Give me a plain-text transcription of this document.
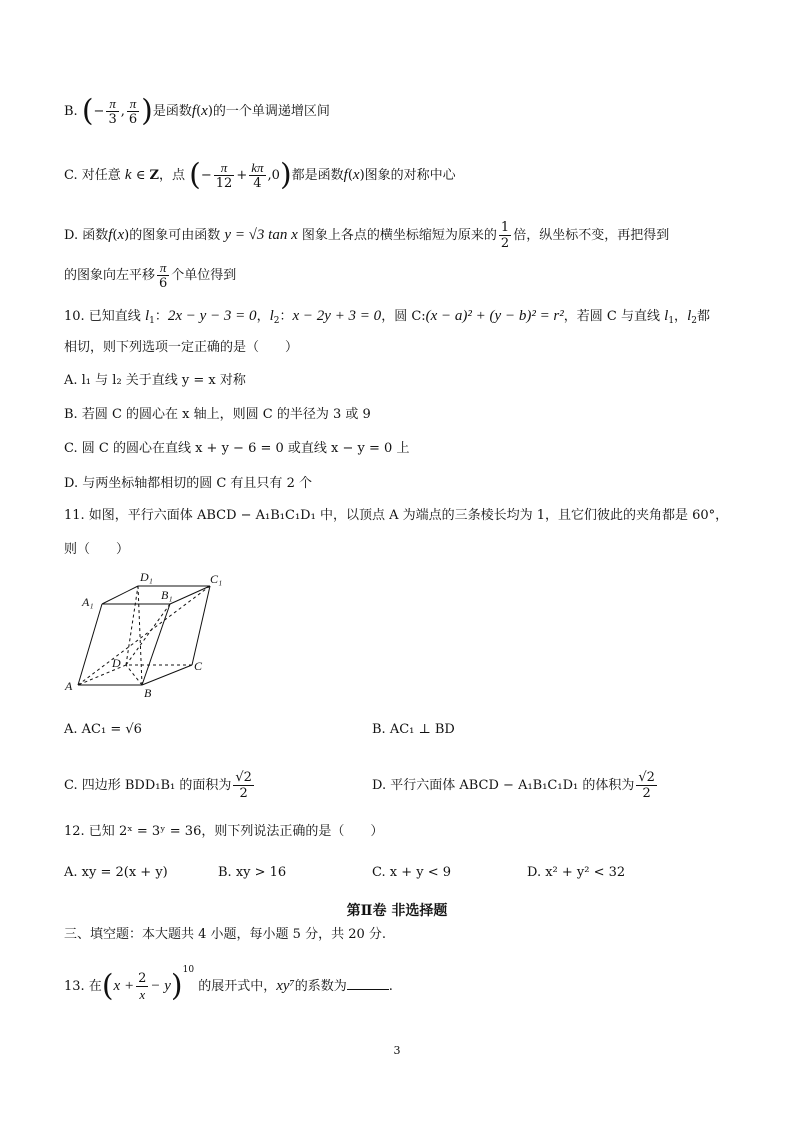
B. (− $\frac{\pi}{3}$ , $\frac{\pi}{6}$ )是函数f(x)的一个单调递增区间
C. 对任意 k ∈ Z，点 (− $\frac{\pi}{12} + \frac{k\pi}{4} ,0$)都是函数f(x)图象的对称中心
D. 函数f(x)的图象可由函数 y = √3 tan x 图象上各点的横坐标缩短为原来的 $\frac{1}{2}$ 倍，纵坐标不变，再把得到
的图象向左平移 $\frac{\pi}{6}$ 个单位得到
10. 已知直线 $l_1$：2x − y − 3 = 0，$l_2$：x − 2y + 3 = 0，圆 C:(x − a)² + (y − b)² = r²，若圆 C 与直线 $l_1$，$l_2$都
相切，则下列选项一定正确的是（　　）
A. l₁ 与 l₂ 关于直线 y = x 对称
B. 若圆 C 的圆心在 x 轴上，则圆 C 的半径为 3 或 9
C. 圆 C 的圆心在直线 x + y − 6 = 0 或直线 x − y = 0 上
D. 与两坐标轴都相切的圆 C 有且只有 2 个
11. 如图，平行六面体 ABCD − A₁B₁C₁D₁ 中，以顶点 A 为端点的三条棱长均为 1，且它们彼此的夹角都是 60°，
则（　　）
A	B
C
D
A₁	B₁
C₁
D₁
A. AC₁ = √6	B. AC₁ ⊥ BD
C. 四边形 BDD₁B₁ 的面积为 $\frac{√2}{2}$	D. 平行六面体 ABCD − A₁B₁C₁D₁ 的体积为 $\frac{√2}{2}$
12. 已知 2ˣ = 3ʸ = 36，则下列说法正确的是（　　）
A. xy = 2(x + y)	B. xy > 16	C. x + y < 9	D. x² + y² < 32
第Ⅱ卷 非选择题
三、填空题：本大题共 4 小题，每小题 5 分，共 20 分.
13. 在$(x + \frac{2}{x} - y)^{10}$ 的展开式中，xy⁷的系数为	.
3
